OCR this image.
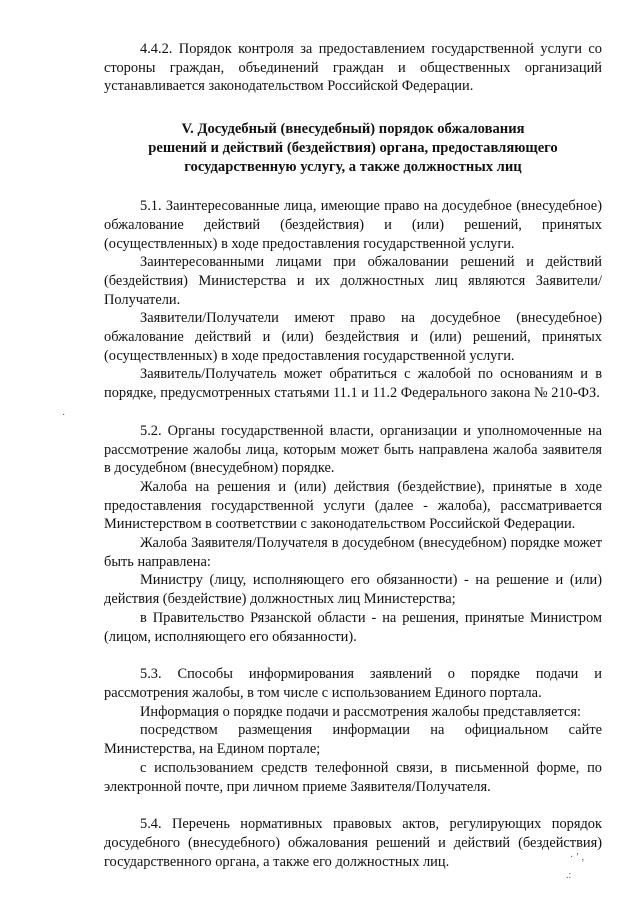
4.4.2. Порядок контроля за предоставлением государственной услуги со стороны граждан, объединений граждан и общественных организаций устанавливается законодательством Российской Федерации.

V. Досудебный (внесудебный) порядок обжалования
решений и действий (бездействия) органа, предоставляющего
государственную услугу, а также должностных лиц

5.1. Заинтересованные лица, имеющие право на досудебное (внесудебное) обжалование действий (бездействия) и (или) решений, принятых (осуществленных) в ходе предоставления государственной услуги.

Заинтересованными лицами при обжаловании решений и действий (бездействия) Министерства и их должностных лиц являются Заявители/Получатели.

Заявители/Получатели имеют право на досудебное (внесудебное) обжалование действий и (или) бездействия и (или) решений, принятых (осуществленных) в ходе предоставления государственной услуги.

Заявитель/Получатель может обратиться с жалобой по основаниям и в порядке, предусмотренных статьями 11.1 и 11.2 Федерального закона № 210-ФЗ.

5.2. Органы государственной власти, организации и уполномоченные на рассмотрение жалобы лица, которым может быть направлена жалоба заявителя в досудебном (внесудебном) порядке.

Жалоба на решения и (или) действия (бездействие), принятые в ходе предоставления государственной услуги (далее - жалоба), рассматривается Министерством в соответствии с законодательством Российской Федерации.

Жалоба Заявителя/Получателя в досудебном (внесудебном) порядке может быть направлена:

Министру (лицу, исполняющего его обязанности) - на решение и (или) действия (бездействие) должностных лиц Министерства;

в Правительство Рязанской области - на решения, принятые Министром (лицом, исполняющего его обязанности).

5.3. Способы информирования заявлений о порядке подачи и рассмотрения жалобы, в том числе с использованием Единого портала.

Информация о порядке подачи и рассмотрения жалобы представляется:

посредством размещения информации на официальном сайте Министерства, на Едином портале;

с использованием средств телефонной связи, в письменной форме, по электронной почте, при личном приеме Заявителя/Получателя.

5.4. Перечень нормативных правовых актов, регулирующих порядок досудебного (внесудебного) обжалования решений и действий (бездействия) государственного органа, а также его должностных лиц.

·
· ʼ ,
.:
